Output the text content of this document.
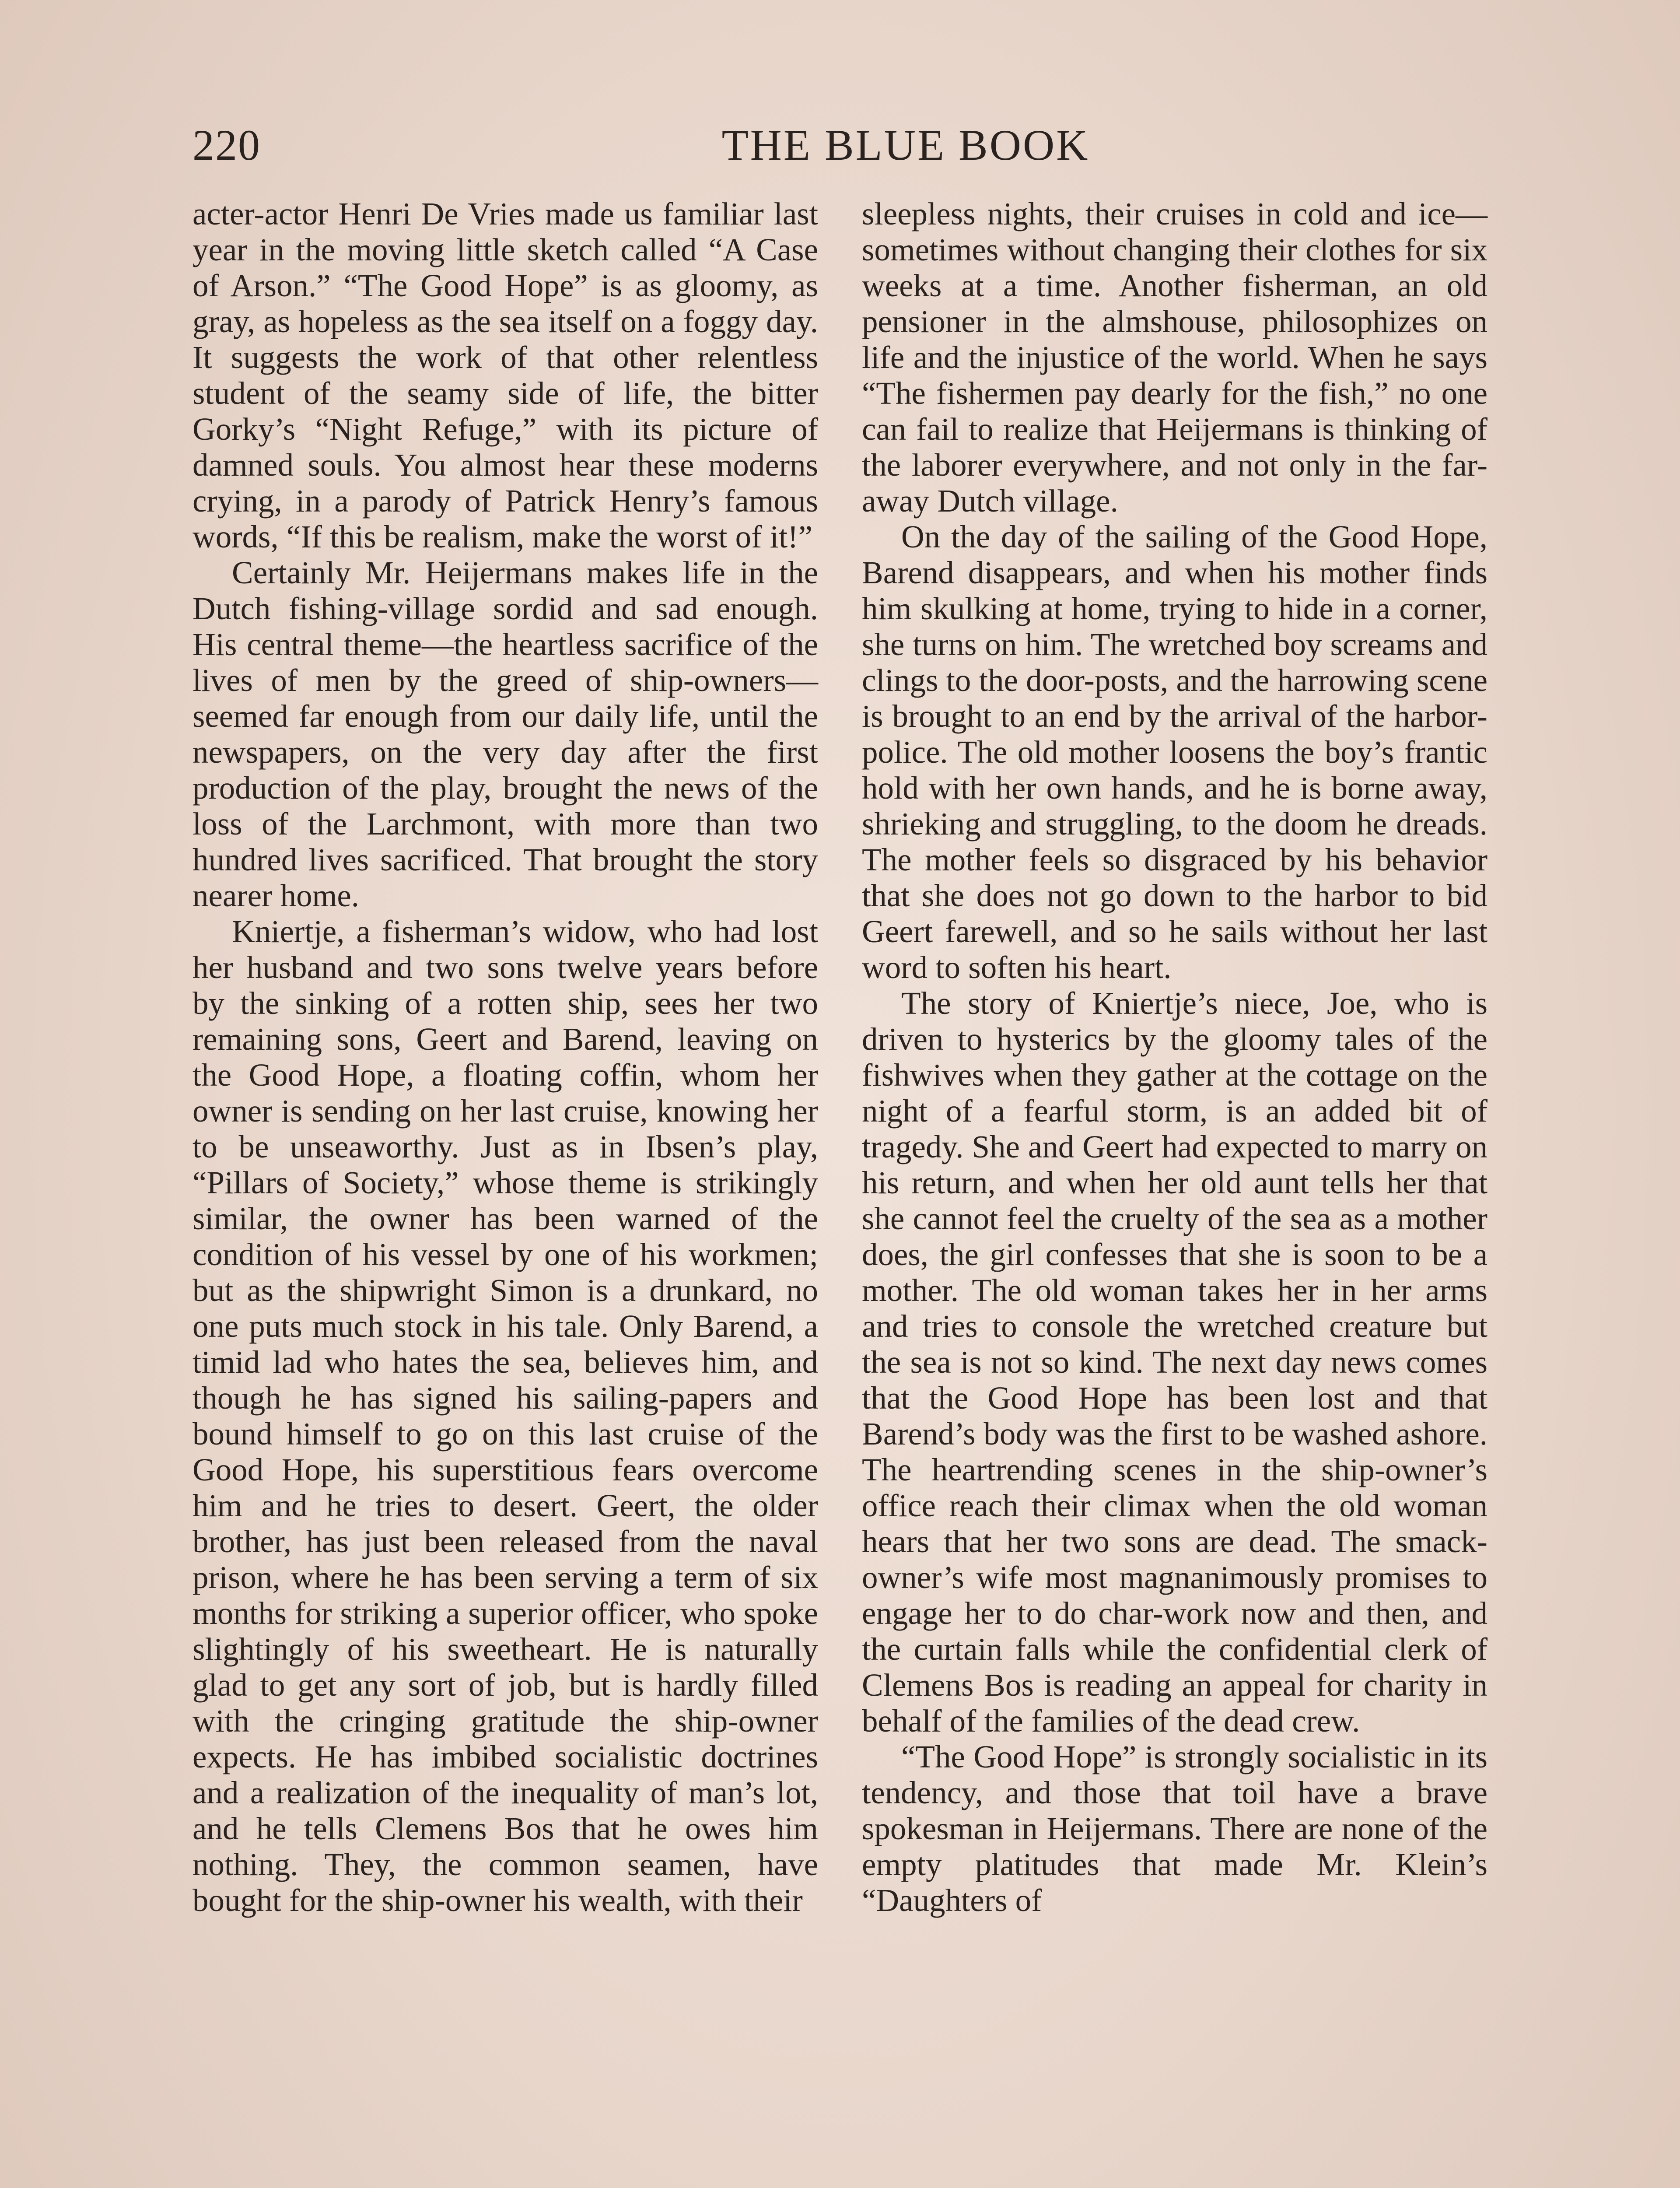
220	THE BLUE BOOK

acter-actor Henri De Vries made us familiar last year in the moving little sketch called “A Case of Arson.” “The Good Hope” is as gloomy, as gray, as hopeless as the sea itself on a foggy day. It suggests the work of that other relentless student of the seamy side of life, the bitter Gorky’s “Night Refuge,” with its picture of damned souls. You almost hear these moderns crying, in a parody of Patrick Henry’s famous words, “If this be realism, make the worst of it!”

Certainly Mr. Heijermans makes life in the Dutch fishing-village sordid and sad enough. His central theme—the heartless sacrifice of the lives of men by the greed of ship-owners—seemed far enough from our daily life, until the newspapers, on the very day after the first production of the play, brought the news of the loss of the Larchmont, with more than two hundred lives sacrificed. That brought the story nearer home.

Kniertje, a fisherman’s widow, who had lost her husband and two sons twelve years before by the sinking of a rotten ship, sees her two remaining sons, Geert and Barend, leaving on the Good Hope, a floating coffin, whom her owner is sending on her last cruise, knowing her to be unseaworthy. Just as in Ibsen’s play, “Pillars of Society,” whose theme is strikingly similar, the owner has been warned of the condition of his vessel by one of his workmen; but as the shipwright Simon is a drunkard, no one puts much stock in his tale. Only Barend, a timid lad who hates the sea, believes him, and though he has signed his sailing-papers and bound himself to go on this last cruise of the Good Hope, his superstitious fears overcome him and he tries to desert. Geert, the older brother, has just been released from the naval prison, where he has been serving a term of six months for striking a superior officer, who spoke slightingly of his sweetheart. He is naturally glad to get any sort of job, but is hardly filled with the cringing gratitude the ship-owner expects. He has imbibed socialistic doctrines and a realization of the inequality of man’s lot, and he tells Clemens Bos that he owes him nothing. They, the common seamen, have bought for the ship-owner his wealth, with their

sleepless nights, their cruises in cold and ice—sometimes without changing their clothes for six weeks at a time. Another fisherman, an old pensioner in the almshouse, philosophizes on life and the injustice of the world. When he says “The fishermen pay dearly for the fish,” no one can fail to realize that Heijermans is thinking of the laborer everywhere, and not only in the far-away Dutch village.

On the day of the sailing of the Good Hope, Barend disappears, and when his mother finds him skulking at home, trying to hide in a corner, she turns on him. The wretched boy screams and clings to the door-posts, and the harrowing scene is brought to an end by the arrival of the harbor-police. The old mother loosens the boy’s frantic hold with her own hands, and he is borne away, shrieking and struggling, to the doom he dreads. The mother feels so disgraced by his behavior that she does not go down to the harbor to bid Geert farewell, and so he sails without her last word to soften his heart.

The story of Kniertje’s niece, Joe, who is driven to hysterics by the gloomy tales of the fishwives when they gather at the cottage on the night of a fearful storm, is an added bit of tragedy. She and Geert had expected to marry on his return, and when her old aunt tells her that she cannot feel the cruelty of the sea as a mother does, the girl confesses that she is soon to be a mother. The old woman takes her in her arms and tries to console the wretched creature but the sea is not so kind. The next day news comes that the Good Hope has been lost and that Barend’s body was the first to be washed ashore. The heartrending scenes in the ship-owner’s office reach their climax when the old woman hears that her two sons are dead. The smack-owner’s wife most magnanimously promises to engage her to do char-work now and then, and the curtain falls while the confidential clerk of Clemens Bos is reading an appeal for charity in behalf of the families of the dead crew.

“The Good Hope” is strongly socialistic in its tendency, and those that toil have a brave spokesman in Heijermans. There are none of the empty platitudes that made Mr. Klein’s “Daughters of
